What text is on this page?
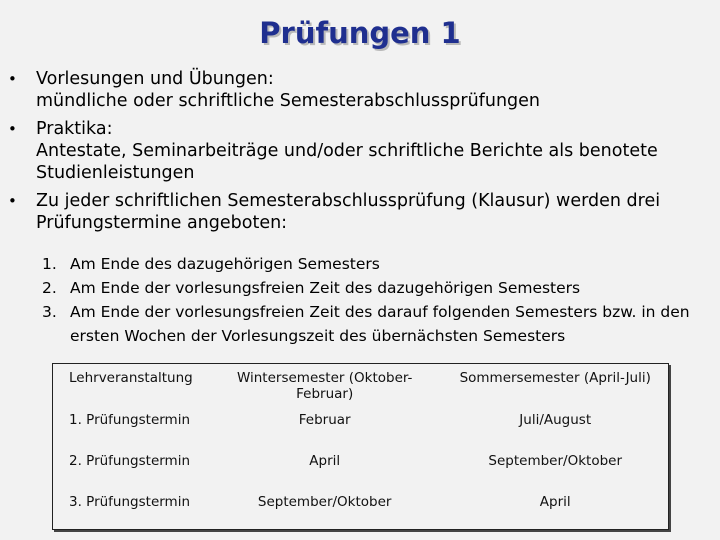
Prüfungen 1
• Vorlesungen und Übungen:
mündliche oder schriftliche Semesterabschlussprüfungen
• Praktika:
Antestate, Seminarbeiträge und/oder schriftliche Berichte als benotete
Studienleistungen
• Zu jeder schriftlichen Semesterabschlussprüfung (Klausur) werden drei
Prüfungstermine angeboten:
1. Am Ende des dazugehörigen Semesters
2. Am Ende der vorlesungsfreien Zeit des dazugehörigen Semesters
3. Am Ende der vorlesungsfreien Zeit des darauf folgenden Semesters bzw. in den
ersten Wochen der Vorlesungszeit des übernächsten Semesters
Lehrveranstaltung	Wintersemester (Oktober-Februar)	Sommersemester (April-Juli)
1. Prüfungstermin	Februar	Juli/August
2. Prüfungstermin	April	September/Oktober
3. Prüfungstermin	September/Oktober	April
